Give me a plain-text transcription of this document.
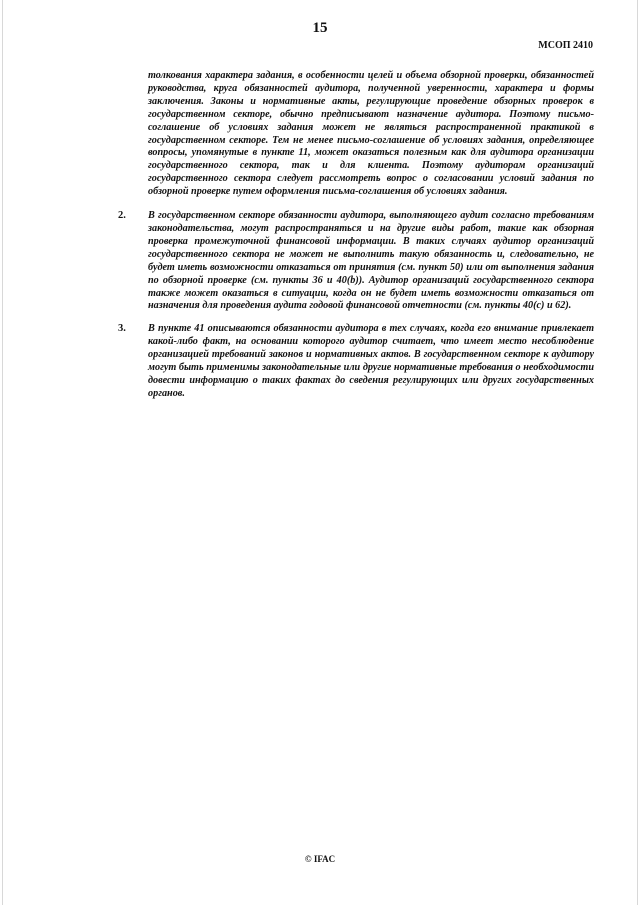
15
МСОП 2410

толкования характера задания, в особенности целей и объема обзорной проверки, обязанностей руководства, круга обязанностей аудитора, полученной уверенности, характера и формы заключения. Законы и нормативные акты, регулирующие проведение обзорных проверок в государственном секторе, обычно предписывают назначение аудитора. Поэтому письмо-соглашение об условиях задания может не являться распространенной практикой в государственном секторе. Тем не менее письмо-соглашение об условиях задания, определяющее вопросы, упомянутые в пункте 11, может оказаться полезным как для аудитора организации государственного сектора, так и для клиента. Поэтому аудиторам организаций государственного сектора следует рассмотреть вопрос о согласовании условий задания по обзорной проверке путем оформления письма-соглашения об условиях задания.

2. В государственном секторе обязанности аудитора, выполняющего аудит согласно требованиям законодательства, могут распространяться и на другие виды работ, такие как обзорная проверка промежуточной финансовой информации. В таких случаях аудитор организаций государственного сектора не может не выполнить такую обязанность и, следовательно, не будет иметь возможности отказаться от принятия (см. пункт 50) или от выполнения задания по обзорной проверке (см. пункты 36 и 40(b)). Аудитор организаций государственного сектора также может оказаться в ситуации, когда он не будет иметь возможности отказаться от назначения для проведения аудита годовой финансовой отчетности (см. пункты 40(c) и 62).

3. В пункте 41 описываются обязанности аудитора в тех случаях, когда его внимание привлекает какой-либо факт, на основании которого аудитор считает, что имеет место несоблюдение организацией требований законов и нормативных актов. В государственном секторе к аудитору могут быть применимы законодательные или другие нормативные требования о необходимости довести информацию о таких фактах до сведения регулирующих или других государственных органов.

© IFAC
